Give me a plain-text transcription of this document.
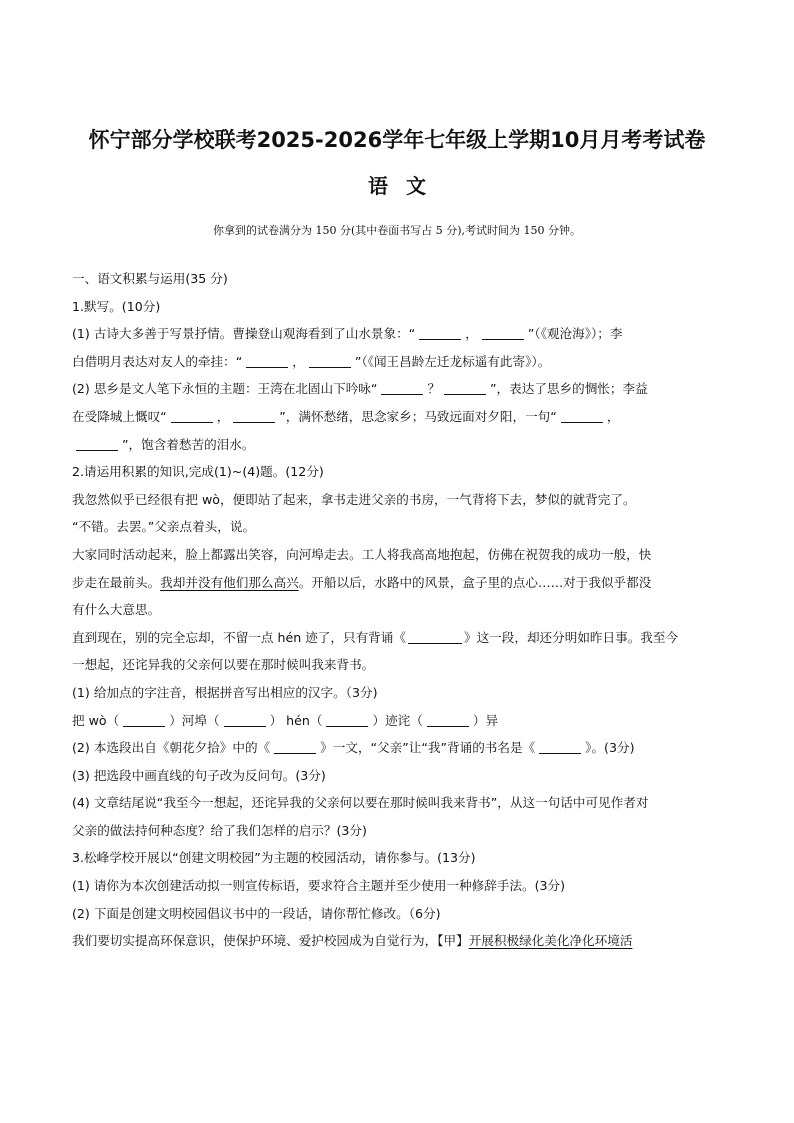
怀宁部分学校联考2025-2026学年七年级上学期10月月考考试卷
语文
你拿到的试卷满分为 150 分(其中卷面书写占 5 分),考试时间为 150 分钟。

一、语文积累与运用(35 分)

1.默写。(10分)

(1) 古诗大多善于写景抒情。曹操登山观海看到了山水景象：“	，	”（《观沧海》）；李

白借明月表达对友人的牵挂：“	，	”（《闻王昌龄左迁龙标遥有此寄》）。

(2) 思乡是文人笔下永恒的主题：王湾在北固山下吟咏“	？	”，表达了思乡的惆怅；李益

在受降城上慨叹“	，	”，满怀愁绪，思念家乡；马致远面对夕阳，一句“	，

”，饱含着愁苦的泪水。

2.请运用积累的知识,完成(1)~(4)题。(12分)

我忽然似乎已经很有把 wò，便即站了起来，拿书走进父亲的书房，一气背将下去，梦似的就背完了。

“不错。去罢。”父亲点着头，说。

大家同时活动起来，脸上都露出笑容，向河埠走去。工人将我高高地抱起，仿佛在祝贺我的成功一般，快

步走在最前头。我却并没有他们那么高兴。开船以后，水路中的风景，盒子里的点心……对于我似乎都没

有什么大意思。

直到现在，别的完全忘却，不留一点 hén 迹了，只有背诵《	》这一段，却还分明如昨日事。我至今

一想起，还诧异我的父亲何以要在那时候叫我来背书。

(1) 给加点的字注音，根据拼音写出相应的汉字。（3分)

把 wò（	）河埠（	） hén（	）迹诧（	）异

(2) 本选段出自《朝花夕拾》中的《	》一文，“父亲”让“我”背诵的书名是《	》。(3分)

(3) 把选段中画直线的句子改为反问句。(3分)

(4) 文章结尾说“我至今一想起，还诧异我的父亲何以要在那时候叫我来背书”，从这一句话中可见作者对

父亲的做法持何种态度？给了我们怎样的启示？(3分)

3.松峰学校开展以“创建文明校园”为主题的校园活动，请你参与。(13分)

(1) 请你为本次创建活动拟一则宣传标语，要求符合主题并至少使用一种修辞手法。(3分)

(2) 下面是创建文明校园倡议书中的一段话，请你帮忙修改。（6分)

我们要切实提高环保意识，使保护环境、爱护校园成为自觉行为，【甲】开展积极绿化美化净化环境活
